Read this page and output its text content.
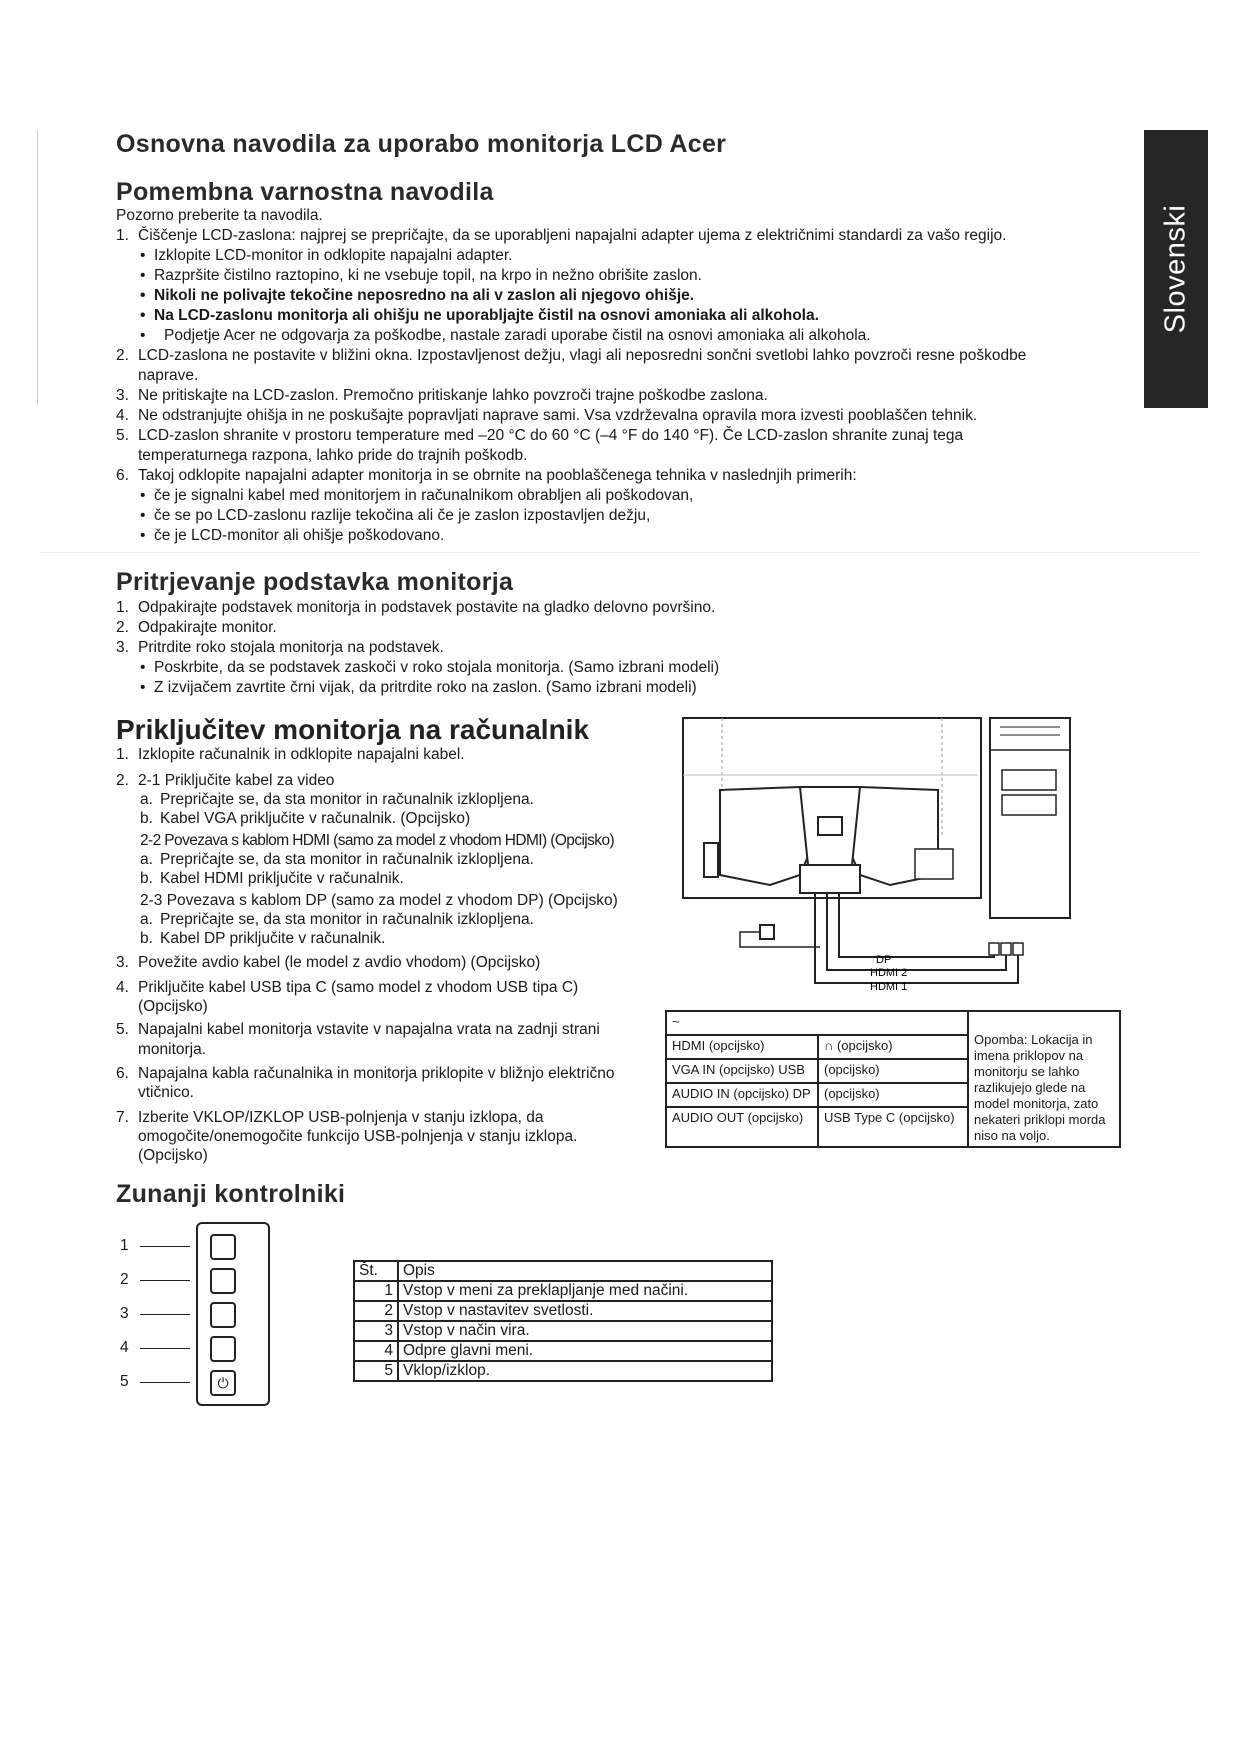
Slovenski
Osnovna navodila za uporabo monitorja LCD Acer
Pomembna varnostna navodila
Pozorno preberite ta navodila.
1. Čiščenje LCD-zaslona: najprej se prepričajte, da se uporabljeni napajalni adapter ujema z električnimi standardi za vašo regijo.
• Izklopite LCD-monitor in odklopite napajalni adapter.
• Razpršite čistilno raztopino, ki ne vsebuje topil, na krpo in nežno obrišite zaslon.
• Nikoli ne polivajte tekočine neposredno na ali v zaslon ali njegovo ohišje.
• Na LCD-zaslonu monitorja ali ohišju ne uporabljajte čistil na osnovi amoniaka ali alkohola.
• Podjetje Acer ne odgovarja za poškodbe, nastale zaradi uporabe čistil na osnovi amoniaka ali alkohola.
2. LCD-zaslona ne postavite v bližini okna. Izpostavljenost dežju, vlagi ali neposredni sončni svetlobi lahko povzroči resne poškodbe
naprave.
3. Ne pritiskajte na LCD-zaslon. Premočno pritiskanje lahko povzroči trajne poškodbe zaslona.
4. Ne odstranjujte ohišja in ne poskušajte popravljati naprave sami. Vsa vzdrževalna opravila mora izvesti pooblaščen tehnik.
5. LCD-zaslon shranite v prostoru temperature med –20 °C do 60 °C (–4 °F do 140 °F). Če LCD-zaslon shranite zunaj tega
temperaturnega razpona, lahko pride do trajnih poškodb.
6. Takoj odklopite napajalni adapter monitorja in se obrnite na pooblaščenega tehnika v naslednjih primerih:
• če je signalni kabel med monitorjem in računalnikom obrabljen ali poškodovan,
• če se po LCD-zaslonu razlije tekočina ali če je zaslon izpostavljen dežju,
• če je LCD-monitor ali ohišje poškodovano.
Pritrjevanje podstavka monitorja
1. Odpakirajte podstavek monitorja in podstavek postavite na gladko delovno površino.
2. Odpakirajte monitor.
3. Pritrdite roko stojala monitorja na podstavek.
• Poskrbite, da se podstavek zaskoči v roko stojala monitorja. (Samo izbrani modeli)
• Z izvijačem zavrtite črni vijak, da pritrdite roko na zaslon. (Samo izbrani modeli)
Priključitev monitorja na računalnik
1. Izklopite računalnik in odklopite napajalni kabel.
2. 2-1 Priključite kabel za video
a. Prepričajte se, da sta monitor in računalnik izklopljena.
b. Kabel VGA priključite v računalnik. (Opcijsko)
2-2 Povezava s kablom HDMI (samo za model z vhodom HDMI) (Opcijsko)
a. Prepričajte se, da sta monitor in računalnik izklopljena.
b. Kabel HDMI priključite v računalnik.
2-3 Povezava s kablom DP (samo za model z vhodom DP) (Opcijsko)
a. Prepričajte se, da sta monitor in računalnik izklopljena.
b. Kabel DP priključite v računalnik.
3. Povežite avdio kabel (le model z avdio vhodom) (Opcijsko)
4. Priključite kabel USB tipa C (samo model z vhodom USB tipa C)
(Opcijsko)
5. Napajalni kabel monitorja vstavite v napajalna vrata na zadnji strani
monitorja.
6. Napajalna kabla računalnika in monitorja priklopite v bližnjo električno
vtičnico.
7. Izberite VKLOP/IZKLOP USB-polnjenja v stanju izklopa, da
omogočite/onemogočite funkcijo USB-polnjenja v stanju izklopa.
(Opcijsko)
DP
HDMI 2
HDMI 1
~		Opomba: Lokacija in imena priklopov na monitorju se lahko razlikujejo glede na model monitorja, zato nekateri priklopi morda niso na voljo.
HDMI (opcijsko)	∩ (opcijsko)	
VGA IN (opcijsko) USB	(opcijsko)	
AUDIO IN (opcijsko) DP	(opcijsko)	
AUDIO OUT (opcijsko)	USB Type C (opcijsko)	
Zunanji kontrolniki
1
2
3
4
5	⏻
Št.	Opis
1	Vstop v meni za preklapljanje med načini.
2	Vstop v nastavitev svetlosti.
3	Vstop v način vira.
4	Odpre glavni meni.
5	Vklop/izklop.
